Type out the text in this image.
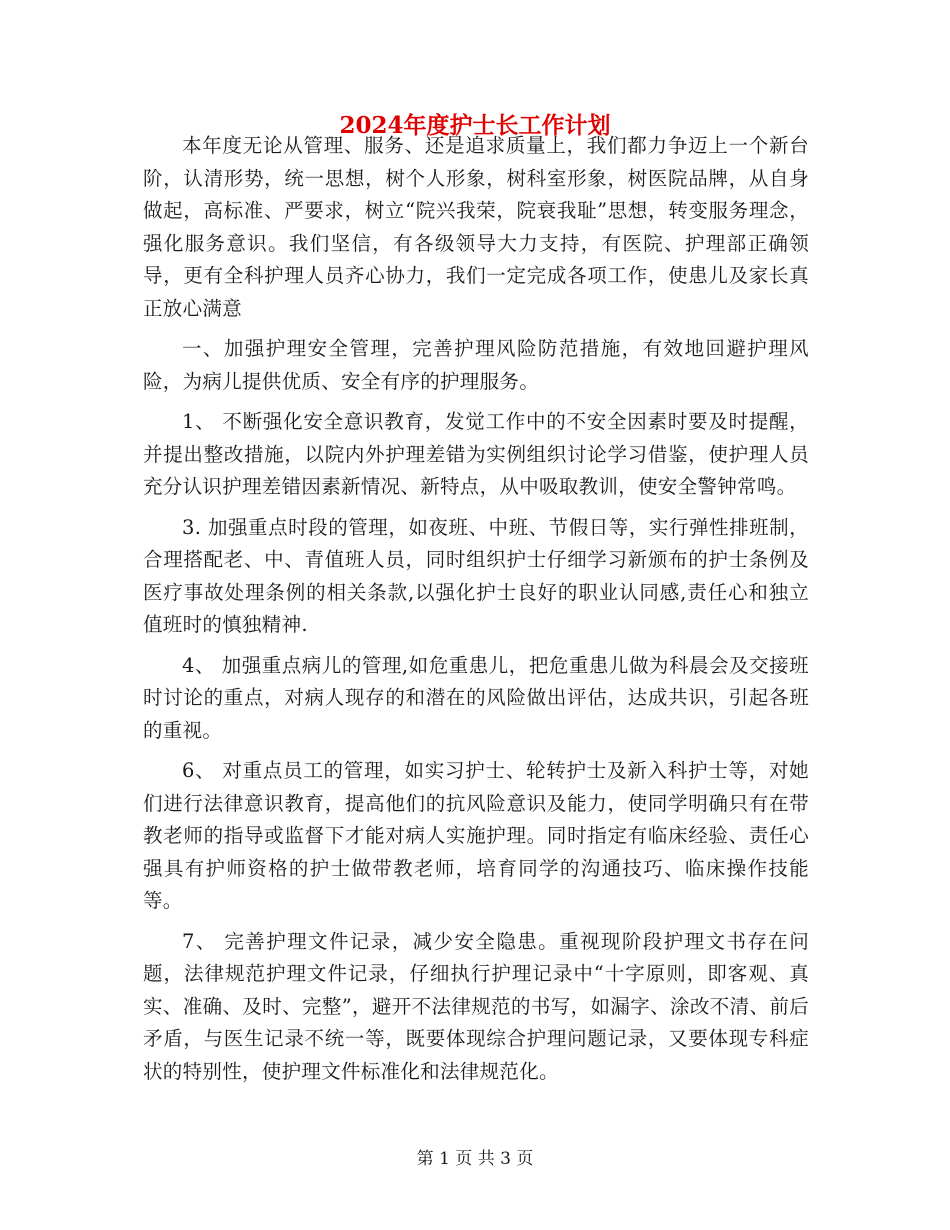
2024年度护士长工作计划

本年度无论从管理、服务、还是追求质量上，我们都力争迈上一个新台阶，认清形势，统一思想，树个人形象，树科室形象，树医院品牌，从自身做起，高标准、严要求，树立“院兴我荣，院衰我耻”思想，转变服务理念，强化服务意识。我们坚信，有各级领导大力支持，有医院、护理部正确领导，更有全科护理人员齐心协力，我们一定完成各项工作，使患儿及家长真正放心满意

一、加强护理安全管理，完善护理风险防范措施，有效地回避护理风险，为病儿提供优质、安全有序的护理服务。

1、 不断强化安全意识教育，发觉工作中的不安全因素时要及时提醒，并提出整改措施，以院内外护理差错为实例组织讨论学习借鉴，使护理人员充分认识护理差错因素新情况、新特点，从中吸取教训，使安全警钟常鸣。

3. 加强重点时段的管理，如夜班、中班、节假日等，实行弹性排班制，合理搭配老、中、青值班人员，同时组织护士仔细学习新颁布的护士条例及医疗事故处理条例的相关条款,以强化护士良好的职业认同感,责任心和独立值班时的慎独精神.

4、 加强重点病儿的管理,如危重患儿，把危重患儿做为科晨会及交接班时讨论的重点，对病人现存的和潜在的风险做出评估，达成共识，引起各班的重视。

6、 对重点员工的管理，如实习护士、轮转护士及新入科护士等，对她们进行法律意识教育，提高他们的抗风险意识及能力，使同学明确只有在带教老师的指导或监督下才能对病人实施护理。同时指定有临床经验、责任心强具有护师资格的护士做带教老师，培育同学的沟通技巧、临床操作技能等。

7、 完善护理文件记录，减少安全隐患。重视现阶段护理文书存在问题，法律规范护理文件记录，仔细执行护理记录中“十字原则，即客观、真实、准确、及时、完整”，避开不法律规范的书写，如漏字、涂改不清、前后矛盾，与医生记录不统一等，既要体现综合护理问题记录，又要体现专科症状的特别性，使护理文件标准化和法律规范化。

第 1 页 共 3 页
